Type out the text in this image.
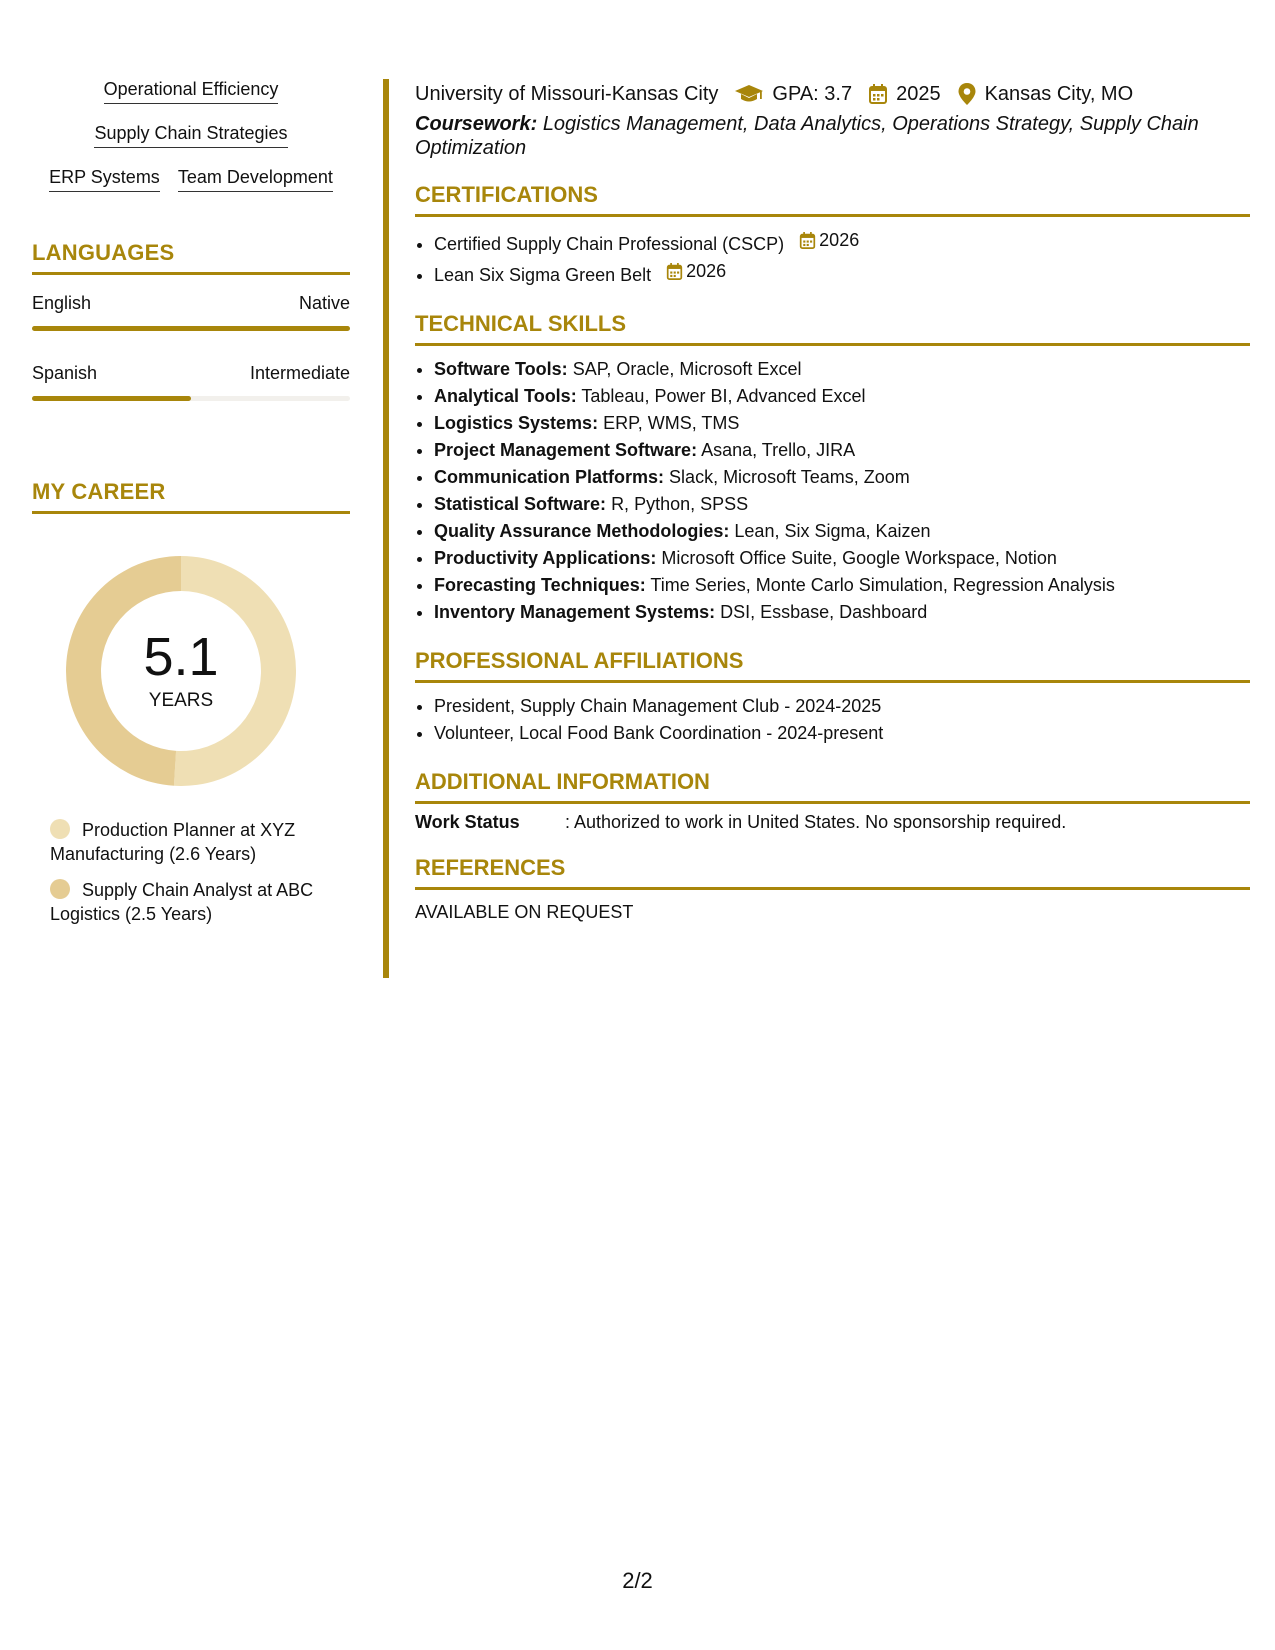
Operational Efficiency
Supply Chain Strategies
ERP Systems Team Development
LANGUAGES
English	Native
Spanish	Intermediate
MY CAREER
5.1
YEARS
Production Planner at XYZ Manufacturing (2.6 Years)
Supply Chain Analyst at ABC Logistics (2.5 Years)
University of Missouri-Kansas City	GPA: 3.7 2025 Kansas City, MO
Coursework: Logistics Management, Data Analytics, Operations Strategy, Supply Chain Optimization
CERTIFICATIONS
• Certified Supply Chain Professional (CSCP) 2026
• Lean Six Sigma Green Belt 2026
TECHNICAL SKILLS
• Software Tools: SAP, Oracle, Microsoft Excel
• Analytical Tools: Tableau, Power BI, Advanced Excel
• Logistics Systems: ERP, WMS, TMS
• Project Management Software: Asana, Trello, JIRA
• Communication Platforms: Slack, Microsoft Teams, Zoom
• Statistical Software: R, Python, SPSS
• Quality Assurance Methodologies: Lean, Six Sigma, Kaizen
• Productivity Applications: Microsoft Office Suite, Google Workspace, Notion
• Forecasting Techniques: Time Series, Monte Carlo Simulation, Regression Analysis
• Inventory Management Systems: DSI, Essbase, Dashboard
PROFESSIONAL AFFILIATIONS
• President, Supply Chain Management Club - 2024-2025
• Volunteer, Local Food Bank Coordination - 2024-present
ADDITIONAL INFORMATION
Work Status	: Authorized to work in United States. No sponsorship required.
REFERENCES
AVAILABLE ON REQUEST
2/2
